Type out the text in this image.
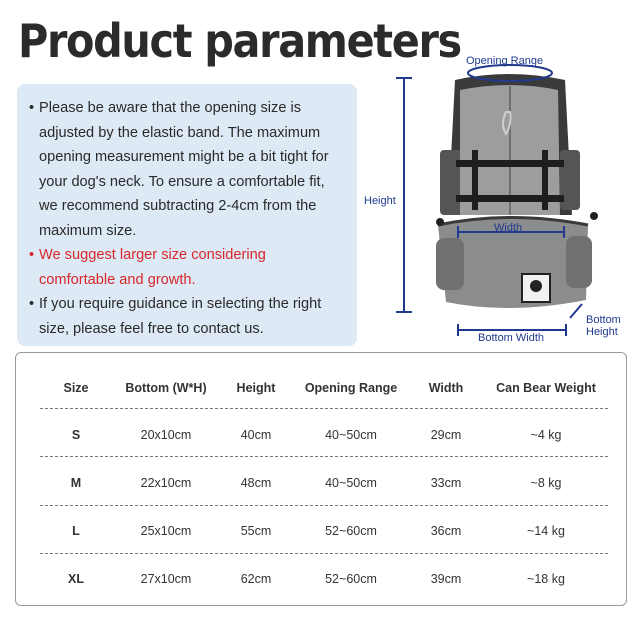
Product parameters

• Please be aware that the opening size is adjusted by the elastic band. The maximum opening measurement might be a bit tight for your dog's neck. To ensure a comfortable fit, we recommend subtracting 2-4cm from the maximum size.

• We suggest larger size considering comfortable and growth.

• If you require guidance in selecting the right size, please feel free to contact us.

Opening Range
Height
Width
Bottom Width
Bottom
Height
Size	Bottom (W*H)	Height	Opening Range	Width	Can Bear Weight
S	20x10cm	40cm	40~50cm	29cm	~4 kg
M	22x10cm	48cm	40~50cm	33cm	~8 kg
L	25x10cm	55cm	52~60cm	36cm	~14 kg
XL	27x10cm	62cm	52~60cm	39cm	~18 kg
